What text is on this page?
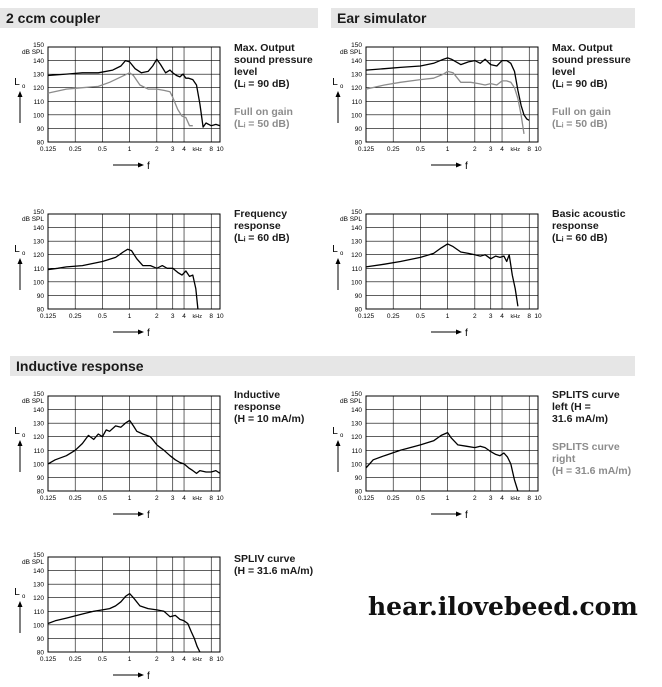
2 ccm coupler	Ear simulator
Inductive response
140
130
120
110
100
90
80
150
dB SPL
0.125 0.25	0.5	1	2 3 4	8 10
kHz
L o
f
140
130
120
110
100
90
80
150
dB SPL
0.125 0.25	0.5	1	2 3 4	8 10
kHz
L o
f
140
130
120
110
100
90
80
150
dB SPL
0.125 0.25	0.5	1	2 3 4	8 10
kHz
L o
f
140
130
120
110
100
90
80
150
dB SPL
0.125 0.25	0.5	1	2 3 4	8 10
kHz
L o
f
140
130
120
110
100
90
80
150
dB SPL
0.125 0.25	0.5	1	2 3 4	8 10
kHz
L o
f
140
130
120
110
100
90
80
150
dB SPL
0.125 0.25	0.5	1	2 3 4	8 10
kHz
L o
f
140
130
120
110
100
90
80
150
dB SPL
0.125 0.25	0.5	1	2 3 4	8 10
kHz
L o
f
Max. Output
sound pressure
level
(Lᵢ = 90 dB)
Full on gain
(Lᵢ = 50 dB)
Max. Output
sound pressure
level
(Lᵢ = 90 dB)
Full on gain
(Lᵢ = 50 dB)
Frequency
response
(Lᵢ = 60 dB)
Basic acoustic
response
(Lᵢ = 60 dB)
Inductive
response
(H = 10 mA/m)
SPLITS curve
left (H =
31.6 mA/m)
SPLITS curve
right
(H = 31.6 mA/m)
SPLIV curve
(H = 31.6 mA/m)
hear.ilovebeed.com
